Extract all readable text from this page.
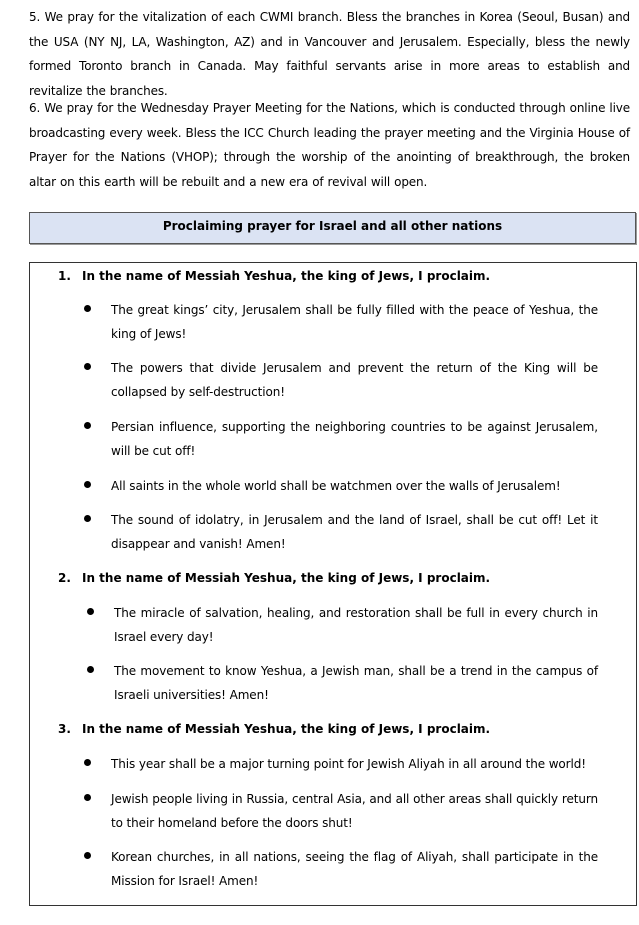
5. We pray for the vitalization of each CWMI branch. Bless the branches in Korea (Seoul, Busan) and the USA (NY NJ, LA, Washington, AZ) and in Vancouver and Jerusalem. Especially, bless the newly formed Toronto branch in Canada. May faithful servants arise in more areas to establish and revitalize the branches.
6. We pray for the Wednesday Prayer Meeting for the Nations, which is conducted through online live broadcasting every week. Bless the ICC Church leading the prayer meeting and the Virginia House of Prayer for the Nations (VHOP); through the worship of the anointing of breakthrough, the broken altar on this earth will be rebuilt and a new era of revival will open.
Proclaiming prayer for Israel and all other nations
1. In the name of Messiah Yeshua, the king of Jews, I proclaim.
The great kings’ city, Jerusalem shall be fully filled with the peace of Yeshua, the king of Jews!
The powers that divide Jerusalem and prevent the return of the King will be collapsed by self-destruction!
Persian influence, supporting the neighboring countries to be against Jerusalem, will be cut off!
All saints in the whole world shall be watchmen over the walls of Jerusalem!
The sound of idolatry, in Jerusalem and the land of Israel, shall be cut off! Let it disappear and vanish! Amen!
2. In the name of Messiah Yeshua, the king of Jews, I proclaim.
The miracle of salvation, healing, and restoration shall be full in every church in Israel every day!
The movement to know Yeshua, a Jewish man, shall be a trend in the campus of Israeli universities! Amen!
3. In the name of Messiah Yeshua, the king of Jews, I proclaim.
This year shall be a major turning point for Jewish Aliyah in all around the world!
Jewish people living in Russia, central Asia, and all other areas shall quickly return to their homeland before the doors shut!
Korean churches, in all nations, seeing the flag of Aliyah, shall participate in the Mission for Israel! Amen!
